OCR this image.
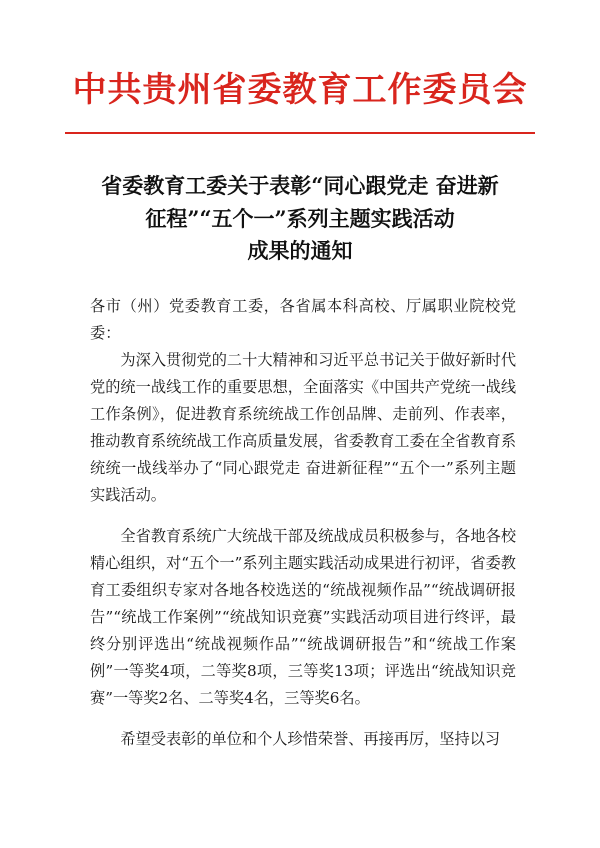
中共贵州省委教育工作委员会
省委教育工委关于表彰“同心跟党走 奋进新
征程”“五个一”系列主题实践活动
成果的通知

各市（州）党委教育工委，各省属本科高校、厅属职业院校党委：

为深入贯彻党的二十大精神和习近平总书记关于做好新时代党的统一战线工作的重要思想，全面落实《中国共产党统一战线工作条例》，促进教育系统统战工作创品牌、走前列、作表率，推动教育系统统战工作高质量发展，省委教育工委在全省教育系统统一战线举办了“同心跟党走 奋进新征程”“五个一”系列主题实践活动。

全省教育系统广大统战干部及统战成员积极参与，各地各校精心组织，对“五个一”系列主题实践活动成果进行初评，省委教育工委组织专家对各地各校选送的“统战视频作品”“统战调研报告”“统战工作案例”“统战知识竞赛”实践活动项目进行终评，最终分别评选出“统战视频作品”“统战调研报告”和“统战工作案例”一等奖4项，二等奖8项，三等奖13项；评选出“统战知识竞赛”一等奖2名、二等奖4名，三等奖6名。

希望受表彰的单位和个人珍惜荣誉、再接再厉，坚持以习
